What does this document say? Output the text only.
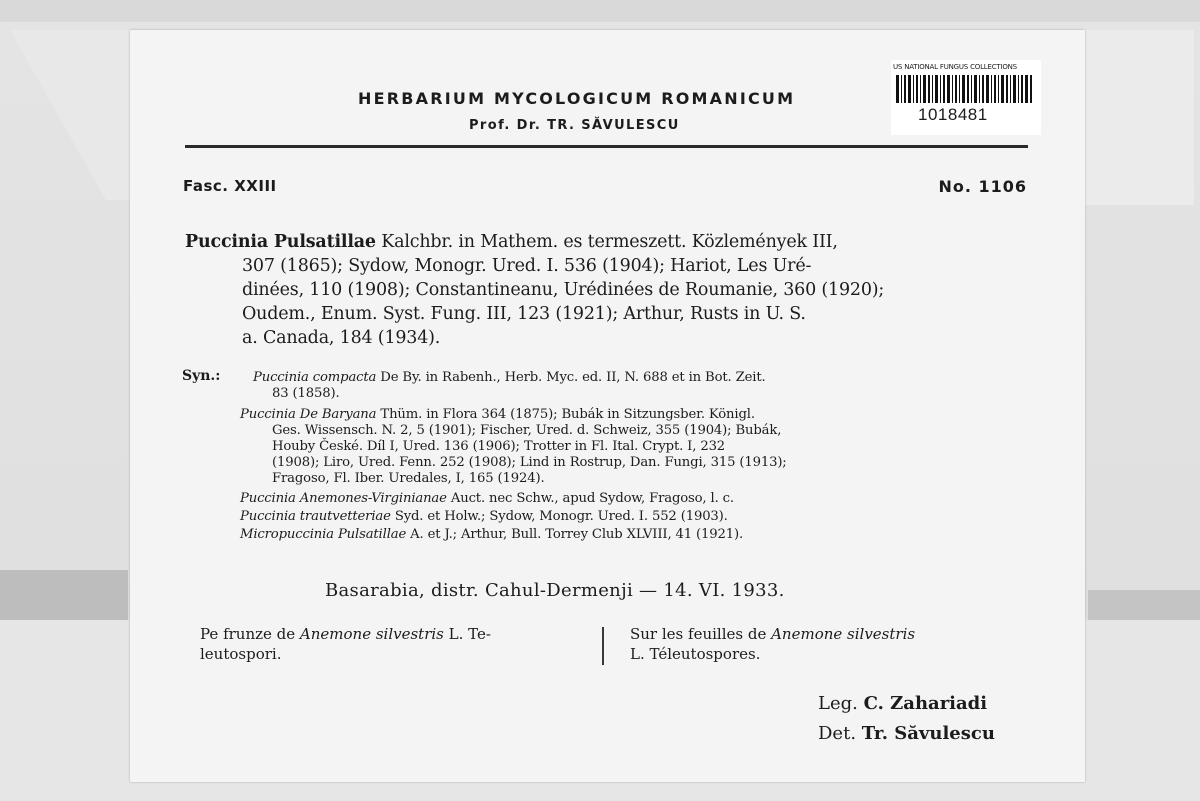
HERBARIUM MYCOLOGICUM ROMANICUM
Prof. Dr. TR. SĂVULESCU
Fasc. XXIII	No. 1106
Puccinia Pulsatillae Kalchbr. in Mathem. es termeszett. Közlemények III,
307 (1865); Sydow, Monogr. Ured. I. 536 (1904); Hariot, Les Uré-
dinées, 110 (1908); Constantineanu, Urédinées de Roumanie, 360 (1920);
Oudem., Enum. Syst. Fung. III, 123 (1921); Arthur, Rusts in U. S.
a. Canada, 184 (1934).
Syn.: Puccinia compacta De By. in Rabenh., Herb. Myc. ed. II, N. 688 et in Bot. Zeit.
83 (1858).
Puccinia De Baryana Thüm. in Flora 364 (1875); Bubák in Sitzungsber. Königl.
Ges. Wissensch. N. 2, 5 (1901); Fischer, Ured. d. Schweiz, 355 (1904); Bubák,
Houby České. Díl I, Ured. 136 (1906); Trotter in Fl. Ital. Crypt. I, 232
(1908); Liro, Ured. Fenn. 252 (1908); Lind in Rostrup, Dan. Fungi, 315 (1913);
Fragoso, Fl. Iber. Uredales, I, 165 (1924).
Puccinia Anemones-Virginianae Auct. nec Schw., apud Sydow, Fragoso, l. c.
Puccinia trautvetteriae Syd. et Holw.; Sydow, Monogr. Ured. I. 552 (1903).
Micropuccinia Pulsatillae A. et J.; Arthur, Bull. Torrey Club XLVIII, 41 (1921).
Basarabia, distr. Cahul-Dermenji — 14. VI. 1933.
Pe frunze de Anemone silvestris L. Te-
leutospori.
Sur les feuilles de Anemone silvestris
L. Téleutospores.
Leg. C. Zahariadi
Det. Tr. Săvulescu
US NATIONAL FUNGUS COLLECTIONS
1018481
